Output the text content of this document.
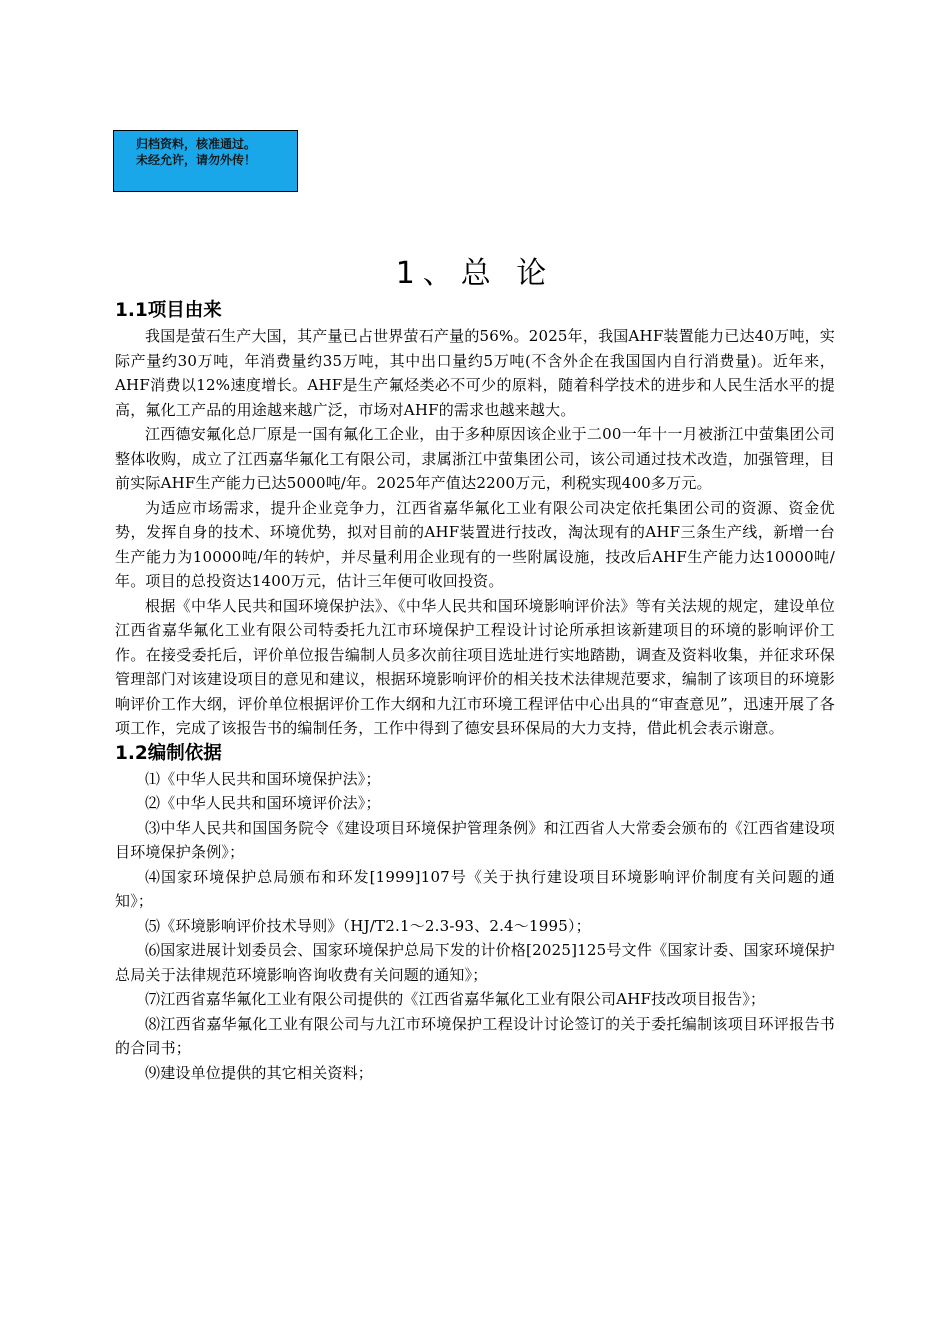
归档资料，核准通过。
未经允许，请勿外传！
1、总 论
1.1项目由来

我国是萤石生产大国，其产量已占世界萤石产量的56%。2025年，我国AHF装置能力已达40万吨，实际产量约30万吨，年消费量约35万吨，其中出口量约5万吨(不含外企在我国国内自行消费量)。近年来，AHF消费以12%速度增长。AHF是生产氟烃类必不可少的原料，随着科学技术的进步和人民生活水平的提高，氟化工产品的用途越来越广泛，市场对AHF的需求也越来越大。

江西德安氟化总厂原是一国有氟化工企业，由于多种原因该企业于二00一年十一月被浙江中萤集团公司整体收购，成立了江西嘉华氟化工有限公司，隶属浙江中萤集团公司，该公司通过技术改造，加强管理，目前实际AHF生产能力已达5000吨/年。2025年产值达2200万元，利税实现400多万元。

为适应市场需求，提升企业竞争力，江西省嘉华氟化工业有限公司决定依托集团公司的资源、资金优势，发挥自身的技术、环境优势，拟对目前的AHF装置进行技改，淘汰现有的AHF三条生产线，新增一台生产能力为10000吨/年的转炉，并尽量利用企业现有的一些附属设施，技改后AHF生产能力达10000吨/年。项目的总投资达1400万元，估计三年便可收回投资。

根据《中华人民共和国环境保护法》、《中华人民共和国环境影响评价法》等有关法规的规定，建设单位江西省嘉华氟化工业有限公司特委托九江市环境保护工程设计讨论所承担该新建项目的环境的影响评价工作。在接受委托后，评价单位报告编制人员多次前往项目选址进行实地踏勘，调查及资料收集，并征求环保管理部门对该建设项目的意见和建议，根据环境影响评价的相关技术法律规范要求，编制了该项目的环境影响评价工作大纲，评价单位根据评价工作大纲和九江市环境工程评估中心出具的“审查意见”，迅速开展了各项工作，完成了该报告书的编制任务，工作中得到了德安县环保局的大力支持，借此机会表示谢意。

1.2编制依据

⑴《中华人民共和国环境保护法》；

⑵《中华人民共和国环境评价法》；

⑶中华人民共和国国务院令《建设项目环境保护管理条例》和江西省人大常委会颁布的《江西省建设项目环境保护条例》；

⑷国家环境保护总局颁布和环发[1999]107号《关于执行建设项目环境影响评价制度有关问题的通知》；

⑸《环境影响评价技术导则》（HJ/T2.1～2.3-93、2.4～1995）；

⑹国家进展计划委员会、国家环境保护总局下发的计价格[2025]125号文件《国家计委、国家环境保护总局关于法律规范环境影响咨询收费有关问题的通知》；

⑺江西省嘉华氟化工业有限公司提供的《江西省嘉华氟化工业有限公司AHF技改项目报告》；

⑻江西省嘉华氟化工业有限公司与九江市环境保护工程设计讨论签订的关于委托编制该项目环评报告书的合同书；

⑼建设单位提供的其它相关资料；
